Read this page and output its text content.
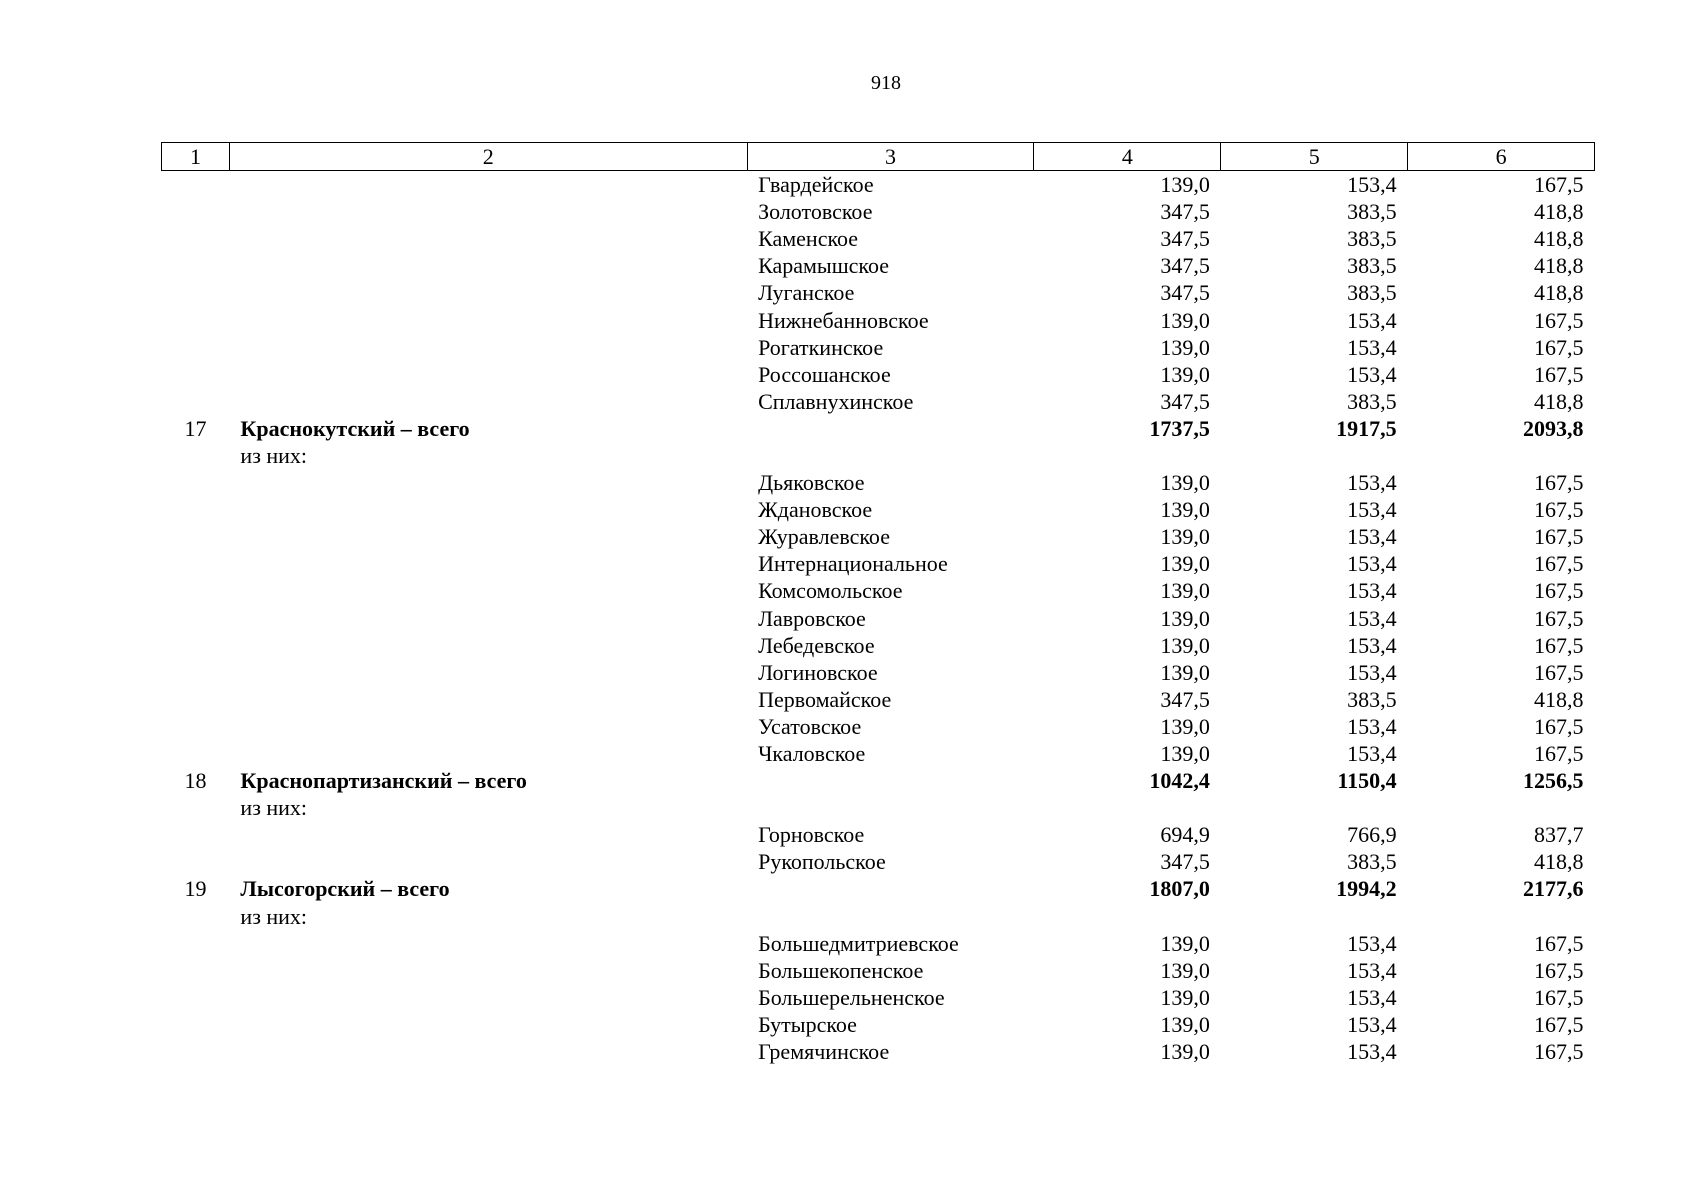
918
1	2	3	4	5	6
		Гвардейское	139,0	153,4	167,5
		Золотовское	347,5	383,5	418,8
		Каменское	347,5	383,5	418,8
		Карамышское	347,5	383,5	418,8
		Луганское	347,5	383,5	418,8
		Нижнебанновское	139,0	153,4	167,5
		Рогаткинское	139,0	153,4	167,5
		Россошанское	139,0	153,4	167,5
		Сплавнухинское	347,5	383,5	418,8
17	Краснокутский – всего		1737,5	1917,5	2093,8
	из них:				
		Дьяковское	139,0	153,4	167,5
		Ждановское	139,0	153,4	167,5
		Журавлевское	139,0	153,4	167,5
		Интернациональное	139,0	153,4	167,5
		Комсомольское	139,0	153,4	167,5
		Лавровское	139,0	153,4	167,5
		Лебедевское	139,0	153,4	167,5
		Логиновское	139,0	153,4	167,5
		Первомайское	347,5	383,5	418,8
		Усатовское	139,0	153,4	167,5
		Чкаловское	139,0	153,4	167,5
18	Краснопартизанский – всего		1042,4	1150,4	1256,5
	из них:				
		Горновское	694,9	766,9	837,7
		Рукопольское	347,5	383,5	418,8
19	Лысогорский – всего		1807,0	1994,2	2177,6
	из них:				
		Большедмитриевское	139,0	153,4	167,5
		Большекопенское	139,0	153,4	167,5
		Большерельненское	139,0	153,4	167,5
		Бутырское	139,0	153,4	167,5
		Гремячинское	139,0	153,4	167,5
